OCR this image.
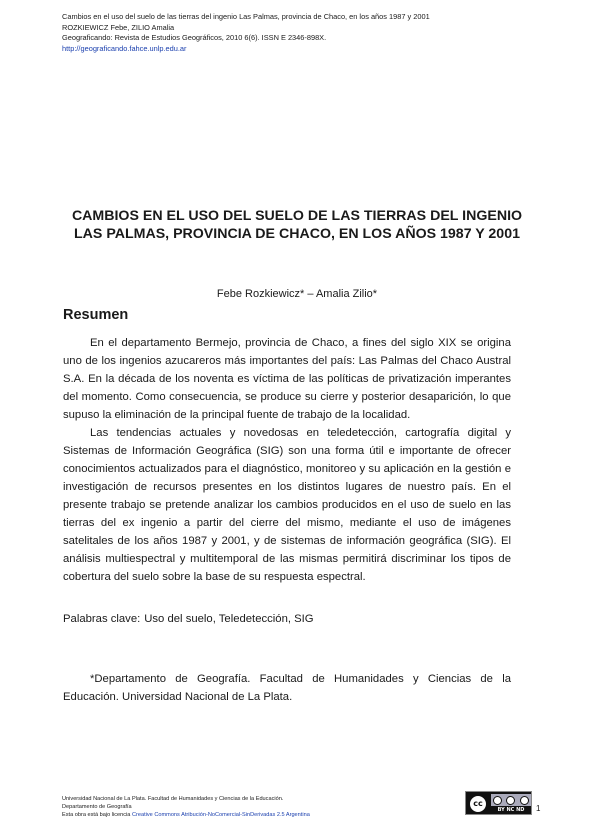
Cambios en el uso del suelo de las tierras del ingenio Las Palmas, provincia de Chaco, en los años 1987 y 2001
ROZKIEWICZ Febe, ZILIO Amalia
Geograficando: Revista de Estudios Geográficos, 2010 6(6). ISSN E 2346-898X.
http://geograficando.fahce.unlp.edu.ar
CAMBIOS EN EL USO DEL SUELO DE LAS TIERRAS DEL INGENIO LAS PALMAS, PROVINCIA DE CHACO, EN LOS AÑOS 1987 Y 2001
Febe Rozkiewicz* – Amalia Zilio*
Resumen

En el departamento Bermejo, provincia de Chaco, a fines del siglo XIX se origina uno de los ingenios azucareros más importantes del país: Las Palmas del Chaco Austral S.A. En la década de los noventa es víctima de las políticas de privatización imperantes del momento. Como consecuencia, se produce su cierre y posterior desaparición, lo que supuso la eliminación de la principal fuente de trabajo de la localidad.

Las tendencias actuales y novedosas en teledetección, cartografía digital y Sistemas de Información Geográfica (SIG) son una forma útil e importante de ofrecer conocimientos actualizados para el diagnóstico, monitoreo y su aplicación en la gestión e investigación de recursos presentes en los distintos lugares de nuestro país. En el presente trabajo se pretende analizar los cambios producidos en el uso de suelo en las tierras del ex ingenio a partir del cierre del mismo, mediante el uso de imágenes satelitales de los años 1987 y 2001, y de sistemas de información geográfica (SIG). El análisis multiespectral y multitemporal de las mismas permitirá discriminar los tipos de cobertura del suelo sobre la base de su respuesta espectral.

Palabras clave: Uso del suelo, Teledetección, SIG

*Departamento de Geografía. Facultad de Humanidades y Ciencias de la Educación. Universidad Nacional de La Plata.

Universidad Nacional de La Plata. Facultad de Humanidades y Ciencias de la Educación.
Departamento de Geografía
Esta obra está bajo licencia Creative Commons Atribución-NoComercial-SinDerivadas 2.5 Argentina
cc
BY NC ND	1
